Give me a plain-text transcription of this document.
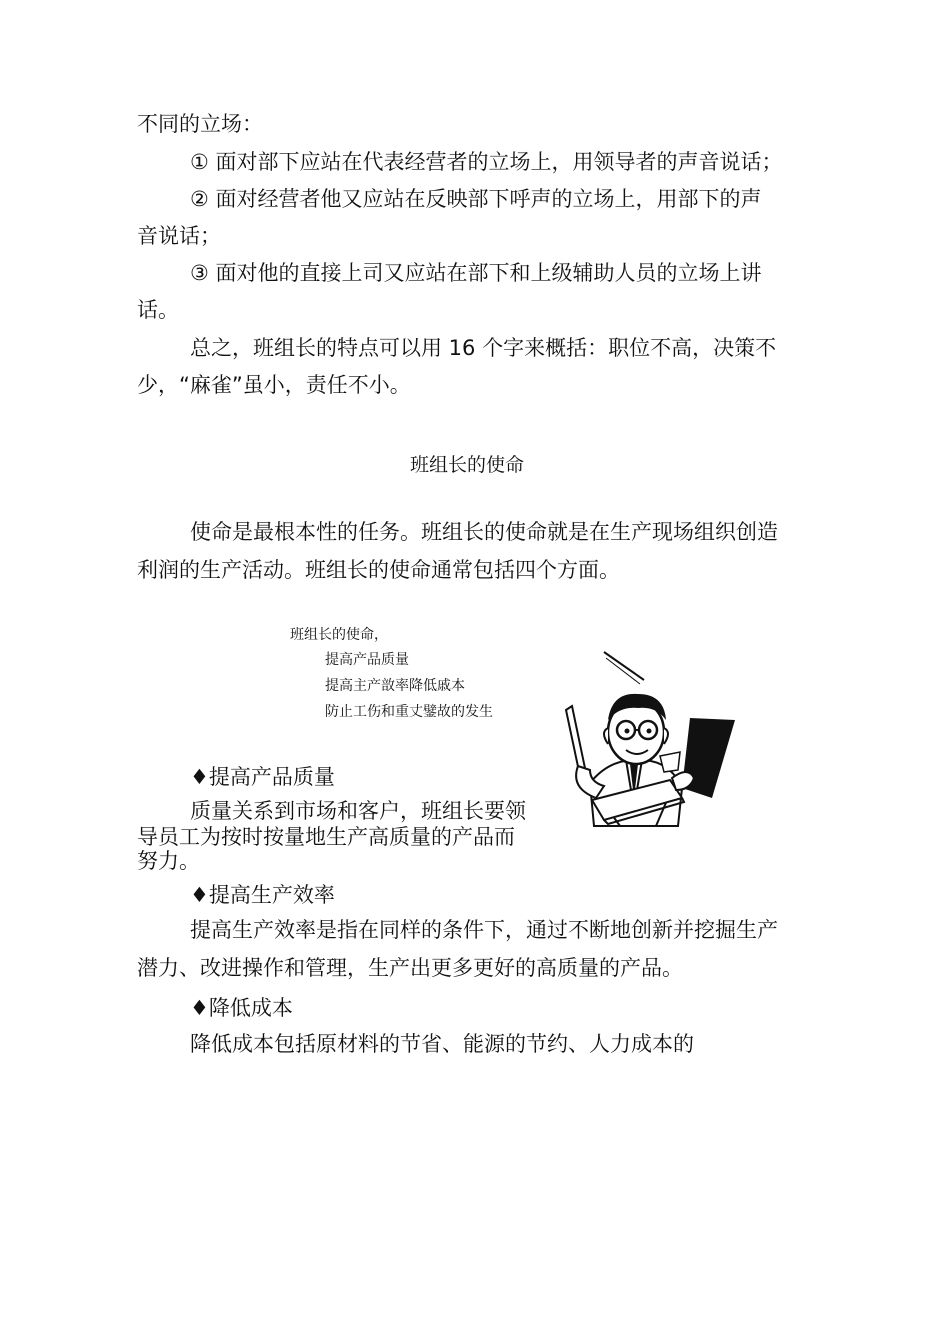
不同的立场：
① 面对部下应站在代表经营者的立场上，用领导者的声音说话；
② 面对经营者他又应站在反映部下呼声的立场上，用部下的声
音说话；
③ 面对他的直接上司又应站在部下和上级辅助人员的立场上讲
话。
总之，班组长的特点可以用 16 个字来概括：职位不高，决策不
少，“麻雀”虽小，责任不小。
班组长的使命
使命是最根本性的任务。班组长的使命就是在生产现场组织创造
利润的生产活动。班组长的使命通常包括四个方面。
班组长的使命，
提高产品质量
提高主产敨率降低戚本
防止工伤和重丈鐾故的发生
♦提高产品质量
质量关系到市场和客户，班组长要领
导员工为按时按量地生产高质量的产品而
努力。
♦提高生产效率
提高生产效率是指在同样的条件下，通过不断地创新并挖掘生产
潜力、改进操作和管理，生产出更多更好的高质量的产品。
♦降低成本
降低成本包括原材料的节省、能源的节约、人力成本的
